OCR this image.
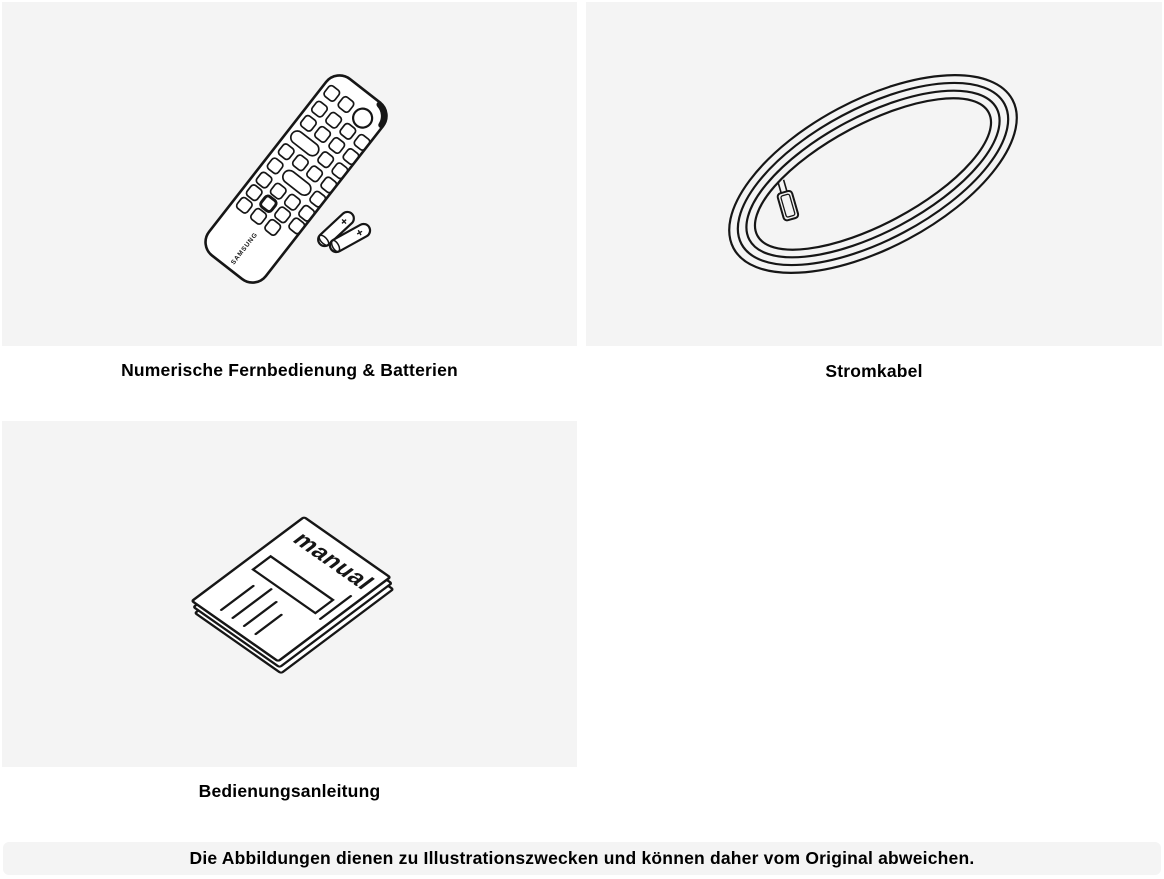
SAMSUNG
Numerische Fernbedienung & Batterien	Stromkabel
manual
Bedienungsanleitung

Die Abbildungen dienen zu Illustrationszwecken und können daher vom Original abweichen.
